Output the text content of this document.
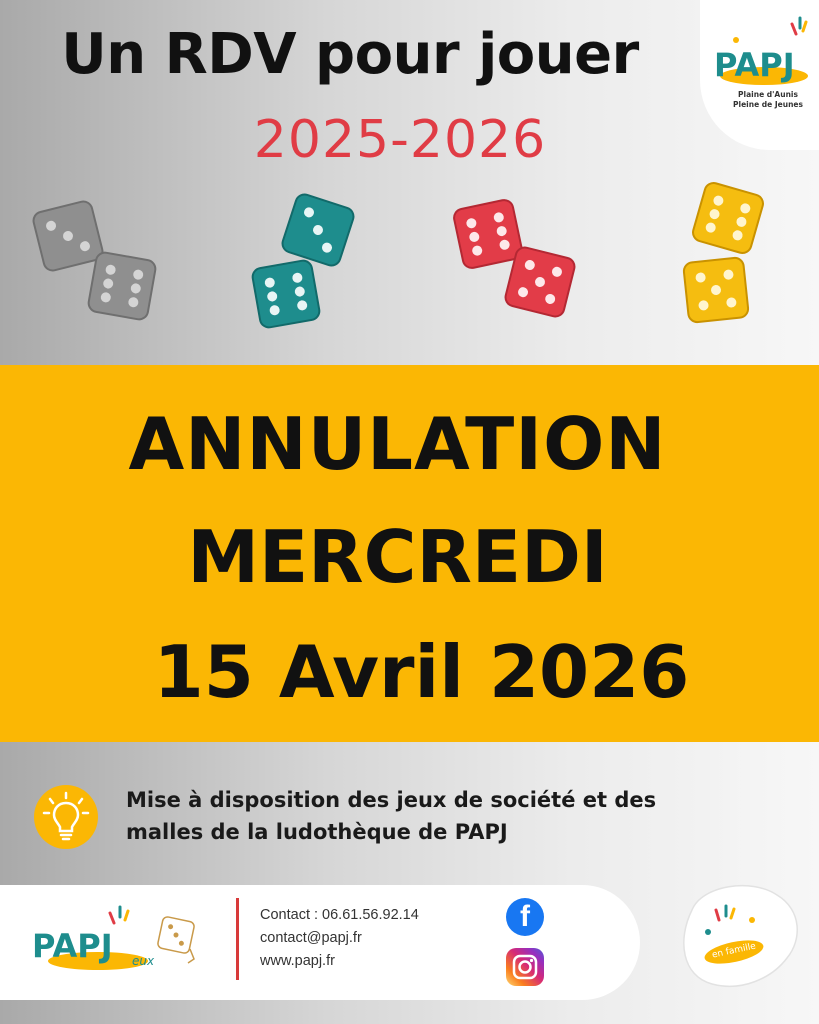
Un RDV pour jouer
2025-2026
PAPJ
Plaine d'Aunis
Pleine de Jeunes
ANNULATION
MERCREDI
15 Avril 2026
Mise à disposition des jeux de société et des
malles de la ludothèque de PAPJ
PAPJ eux
Contact : 06.61.56.92.14
contact@papj.fr
www.papj.fr
f
en famille
